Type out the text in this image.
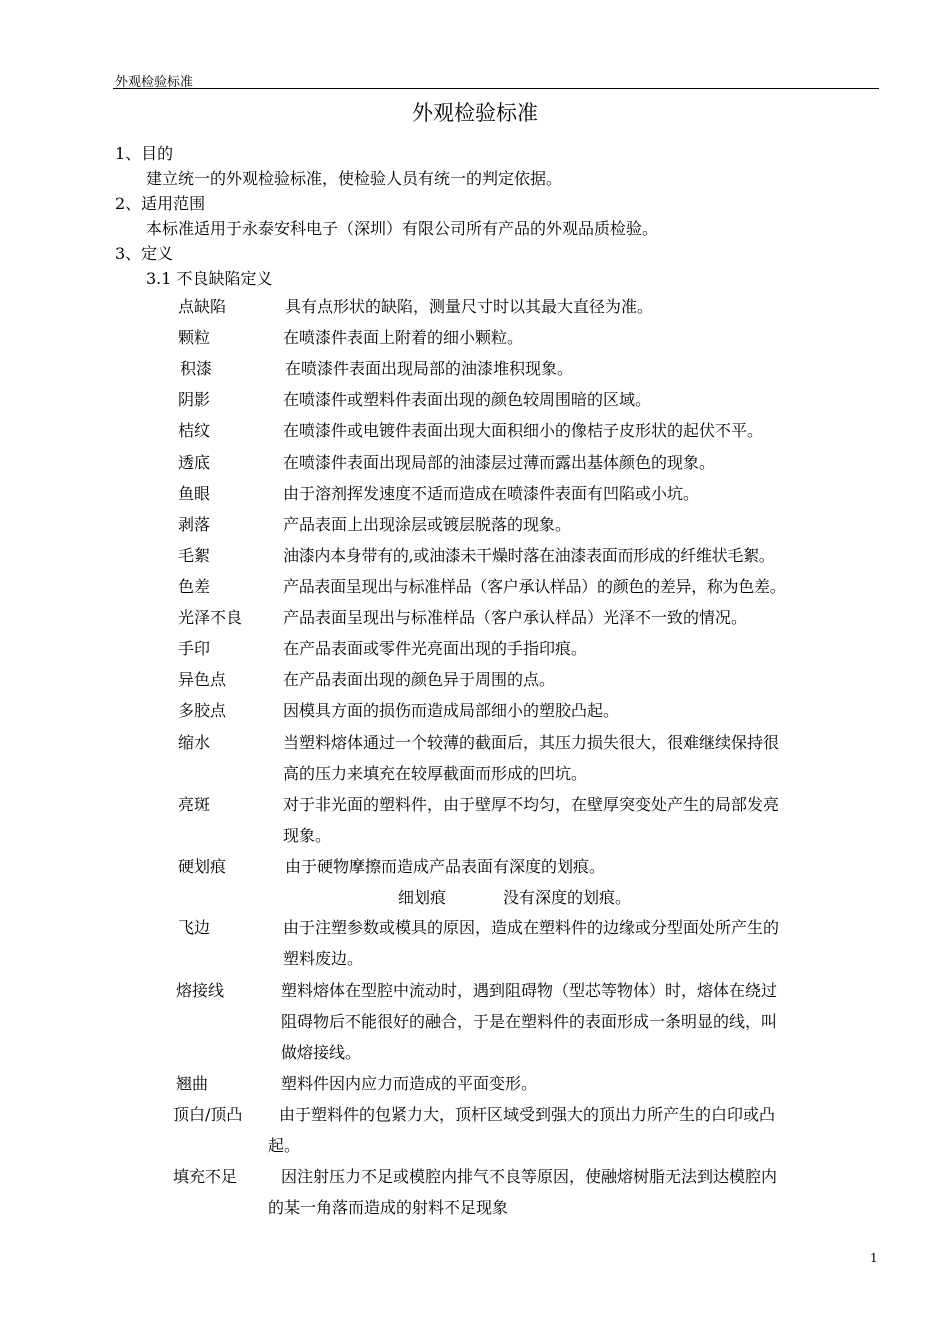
外观检验标准
外观检验标准
1、目的
建立统一的外观检验标准，使检验人员有统一的判定依据。
2、适用范围
本标准适用于永泰安科电子（深圳）有限公司所有产品的外观品质检验。
3、定义
3.1 不良缺陷定义
点缺陷	具有点形状的缺陷，测量尺寸时以其最大直径为准。
颗粒	在喷漆件表面上附着的细小颗粒。
积漆	在喷漆件表面出现局部的油漆堆积现象。
阴影	在喷漆件或塑料件表面出现的颜色较周围暗的区域。
桔纹	在喷漆件或电镀件表面出现大面积细小的像桔子皮形状的起伏不平。
透底	在喷漆件表面出现局部的油漆层过薄而露出基体颜色的现象。
鱼眼	由于溶剂挥发速度不适而造成在喷漆件表面有凹陷或小坑。
剥落	产品表面上出现涂层或镀层脱落的现象。
毛絮	油漆内本身带有的,或油漆未干燥时落在油漆表面而形成的纤维状毛絮。
色差	产品表面呈现出与标准样品（客户承认样品）的颜色的差异，称为色差。
光泽不良	产品表面呈现出与标准样品（客户承认样品）光泽不一致的情况。
手印	在产品表面或零件光亮面出现的手指印痕。
异色点	在产品表面出现的颜色异于周围的点。
多胶点	因模具方面的损伤而造成局部细小的塑胶凸起。
缩水	当塑料熔体通过一个较薄的截面后，其压力损失很大，很难继续保持很
高的压力来填充在较厚截面而形成的凹坑。
亮斑	对于非光面的塑料件，由于壁厚不均匀，在壁厚突变处产生的局部发亮
现象。
硬划痕	由于硬物摩擦而造成产品表面有深度的划痕。
细划痕	没有深度的划痕。
飞边	由于注塑参数或模具的原因，造成在塑料件的边缘或分型面处所产生的
塑料废边。
熔接线	塑料熔体在型腔中流动时，遇到阻碍物（型芯等物体）时，熔体在绕过
阻碍物后不能很好的融合，于是在塑料件的表面形成一条明显的线，叫
做熔接线。
翘曲	塑料件因内应力而造成的平面变形。
顶白/顶凸 由于塑料件的包紧力大，顶杆区域受到强大的顶出力所产生的白印或凸
起。
填充不足	因注射压力不足或模腔内排气不良等原因，使融熔树脂无法到达模腔内
的某一角落而造成的射料不足现象
1
